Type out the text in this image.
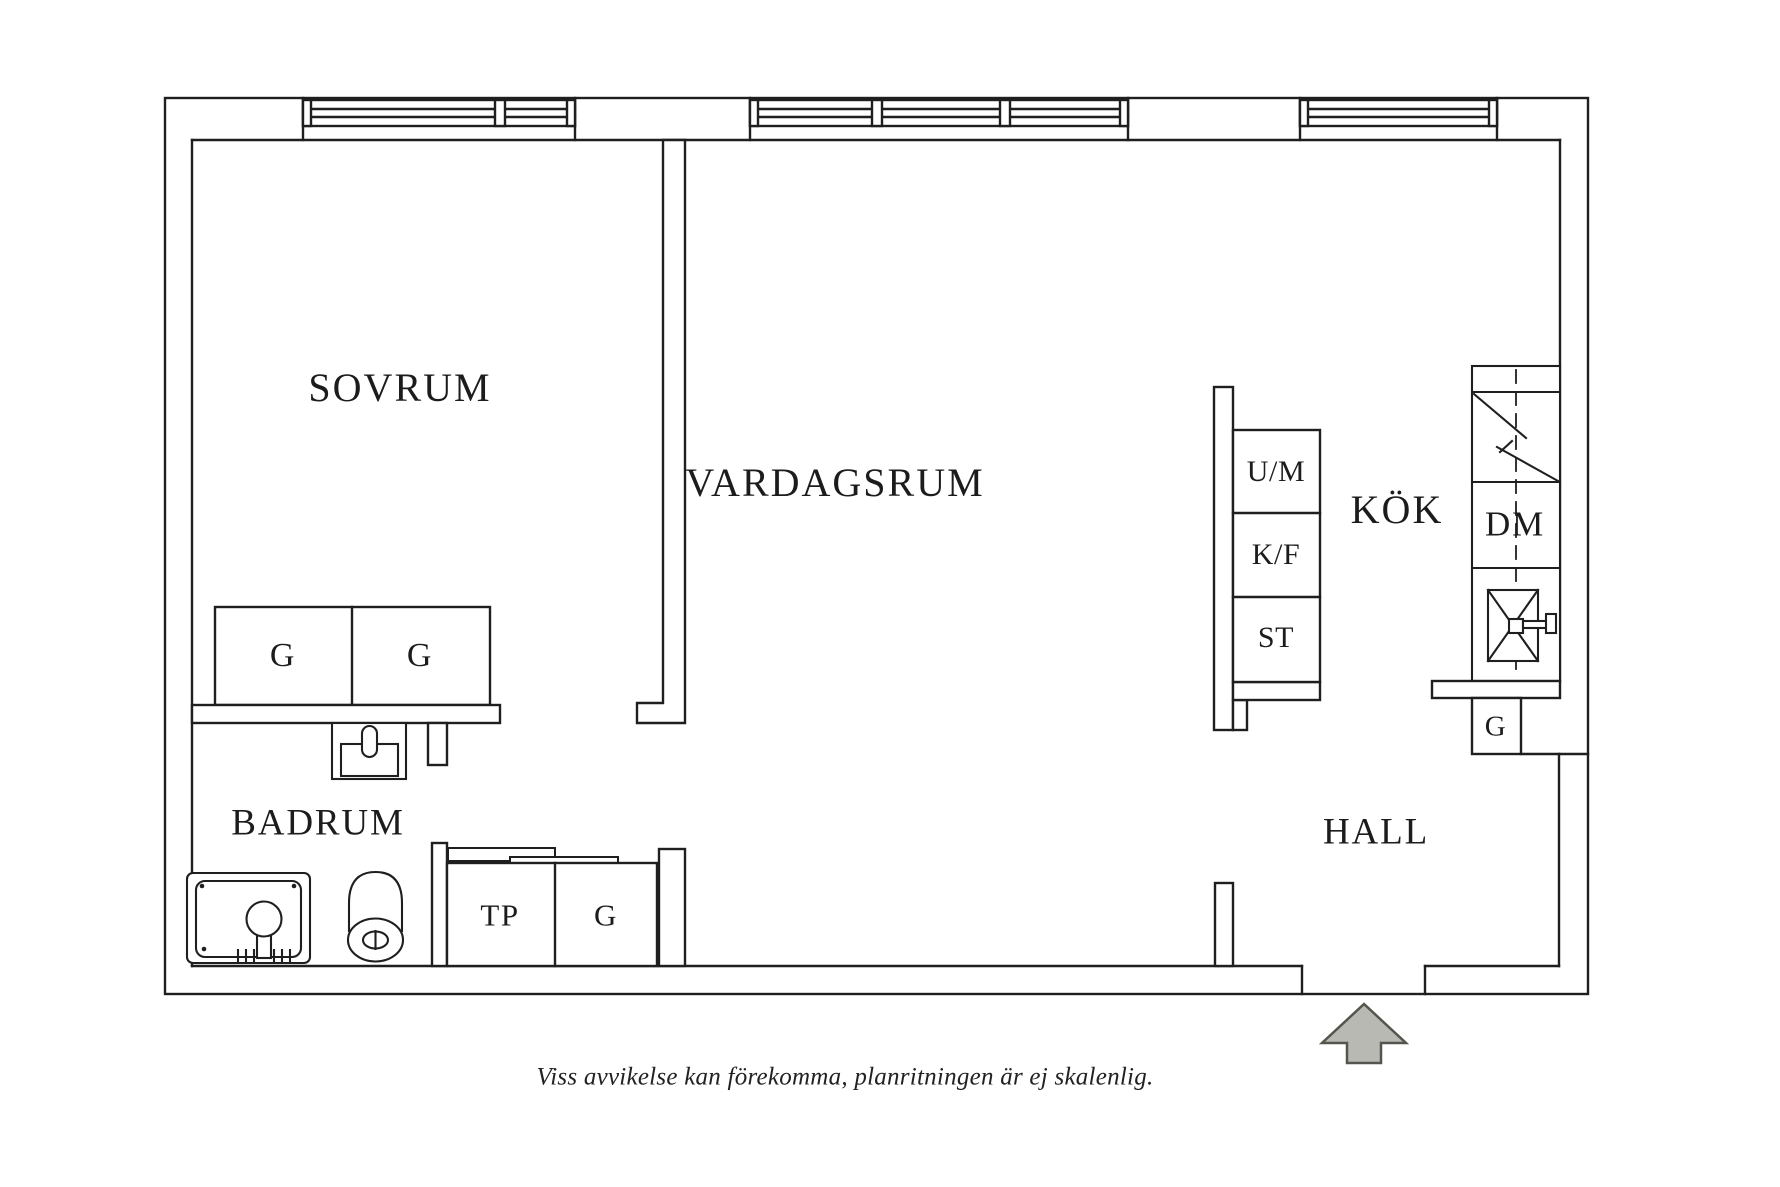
SOVRUM
VARDAGSRUM
KÖK
BADRUM	HALL
G	G
TP G
G
U/M
K/F
ST
DM
Viss avvikelse kan förekomma, planritningen är ej skalenlig.
